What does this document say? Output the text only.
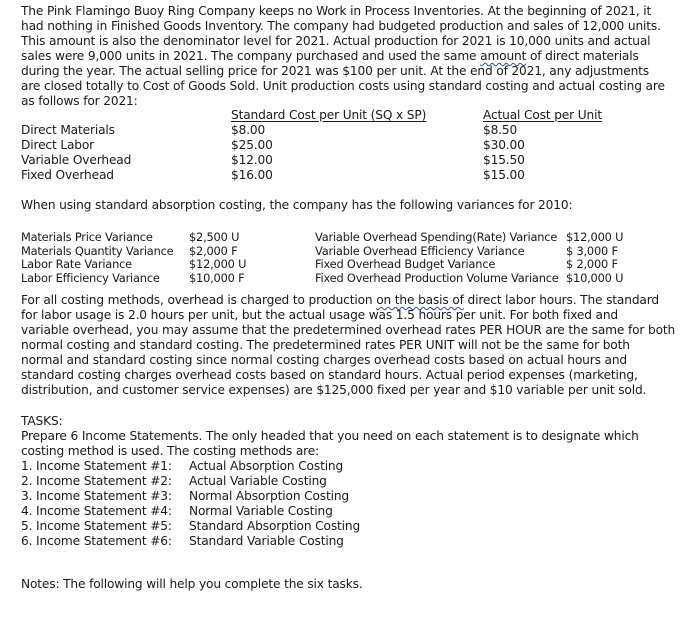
The Pink Flamingo Buoy Ring Company keeps no Work in Process Inventories. At the beginning of 2021, it
had nothing in Finished Goods Inventory. The company had budgeted production and sales of 12,000 units.
This amount is also the denominator level for 2021. Actual production for 2021 is 10,000 units and actual
sales were 9,000 units in 2021. The company purchased and used the same amount of direct materials
during the year. The actual selling price for 2021 was $100 per unit. At the end of 2021, any adjustments
are closed totally to Cost of Goods Sold. Unit production costs using standard costing and actual costing are
as follows for 2021:

Standard Cost per Unit (SQ x SP)	Actual Cost per Unit
Direct Materials	$8.00	$8.50
Direct Labor	$25.00	$30.00
Variable Overhead	$12.00	$15.50
Fixed Overhead	$16.00	$15.00

When using standard absorption costing, the company has the following variances for 2010:

Materials Price Variance	$2,500 U	Variable Overhead Spending(Rate) Variance $12,000 U
Materials Quantity Variance $2,000 F	Variable Overhead Efficiency Variance	$ 3,000 F
Labor Rate Variance	$12,000 U	Fixed Overhead Budget Variance	$ 2,000 F
Labor Efficiency Variance	$10,000 F	Fixed Overhead Production Volume Variance $10,000 U

For all costing methods, overhead is charged to production on the basis of direct labor hours. The standard
for labor usage is 2.0 hours per unit, but the actual usage was 1.5 hours per unit. For both fixed and
variable overhead, you may assume that the predetermined overhead rates PER HOUR are the same for both
normal costing and standard costing. The predetermined rates PER UNIT will not be the same for both
normal and standard costing since normal costing charges overhead costs based on actual hours and
standard costing charges overhead costs based on standard hours. Actual period expenses (marketing,
distribution, and customer service expenses) are $125,000 fixed per year and $10 variable per unit sold.

TASKS:
Prepare 6 Income Statements. The only headed that you need on each statement is to designate which
costing method is used. The costing methods are:
1. Income Statement #1: Actual Absorption Costing
2. Income Statement #2: Actual Variable Costing
3. Income Statement #3: Normal Absorption Costing
4. Income Statement #4: Normal Variable Costing
5. Income Statement #5: Standard Absorption Costing
6. Income Statement #6: Standard Variable Costing

Notes: The following will help you complete the six tasks.
